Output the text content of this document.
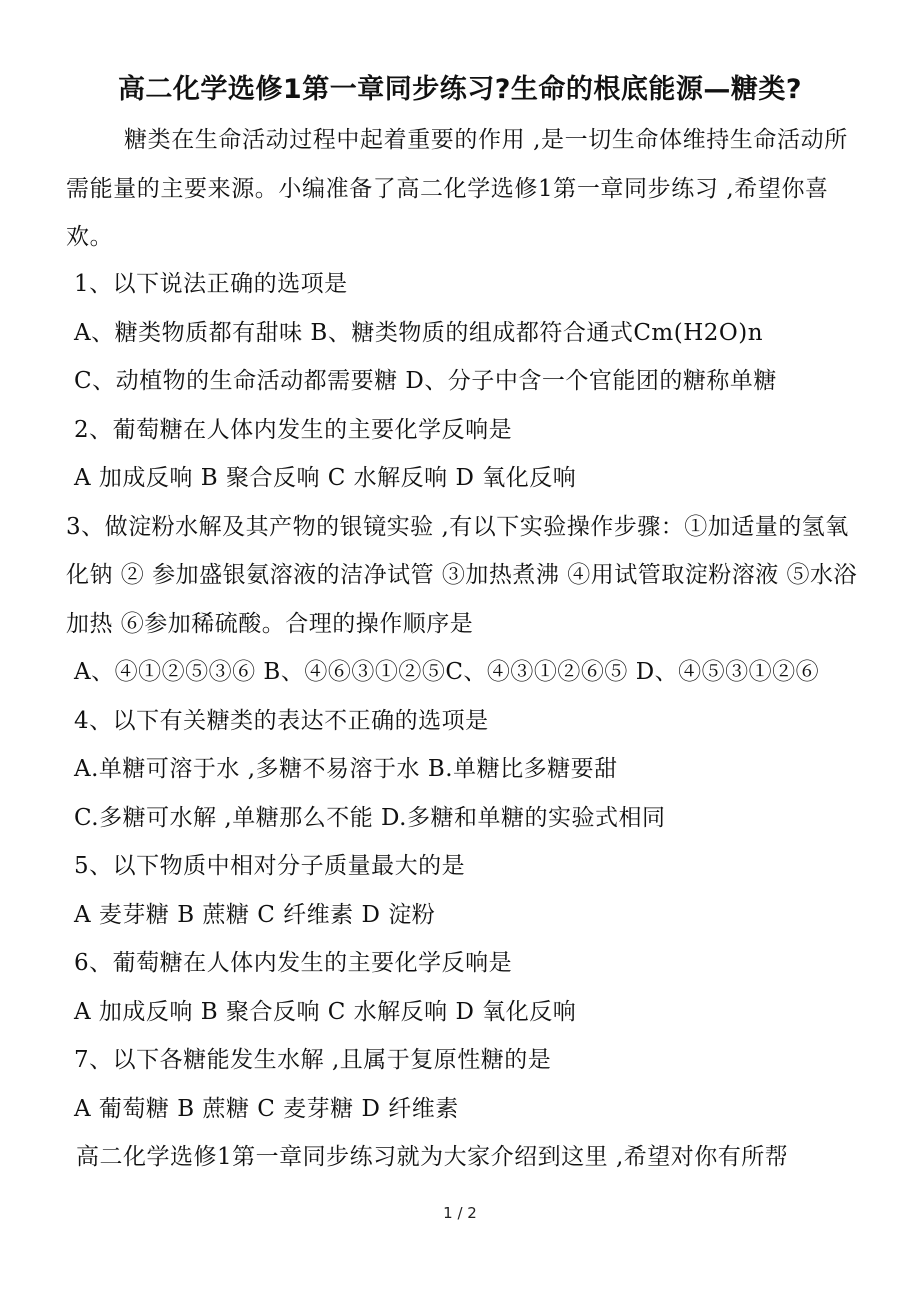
高二化学选修1第一章同步练习?生命的根底能源—糖类?

糖类在生命活动过程中起着重要的作用 ,是一切生命体维持生命活动所需能量的主要来源。小编准备了高二化学选修1第一章同步练习 ,希望你喜欢。

1、以下说法正确的选项是
A、糖类物质都有甜味 B、糖类物质的组成都符合通式Cm(H2O)n
C、动植物的生命活动都需要糖 D、分子中含一个官能团的糖称单糖
2、葡萄糖在人体内发生的主要化学反响是
A 加成反响 B 聚合反响 C 水解反响 D 氧化反响
3、做淀粉水解及其产物的银镜实验 ,有以下实验操作步骤：①加适量的氢氧化钠 ② 参加盛银氨溶液的洁净试管 ③加热煮沸 ④用试管取淀粉溶液 ⑤水浴加热 ⑥参加稀硫酸。合理的操作顺序是
A、④①②⑤③⑥ B、④⑥③①②⑤C、④③①②⑥⑤ D、④⑤③①②⑥
4、以下有关糖类的表达不正确的选项是
A.单糖可溶于水 ,多糖不易溶于水 B.单糖比多糖要甜
C.多糖可水解 ,单糖那么不能 D.多糖和单糖的实验式相同
5、以下物质中相对分子质量最大的是
A 麦芽糖 B 蔗糖 C 纤维素 D 淀粉
6、葡萄糖在人体内发生的主要化学反响是
A 加成反响 B 聚合反响 C 水解反响 D 氧化反响
7、以下各糖能发生水解 ,且属于复原性糖的是
A 葡萄糖 B 蔗糖 C 麦芽糖 D 纤维素
高二化学选修1第一章同步练习就为大家介绍到这里 ,希望对你有所帮
1 / 2
